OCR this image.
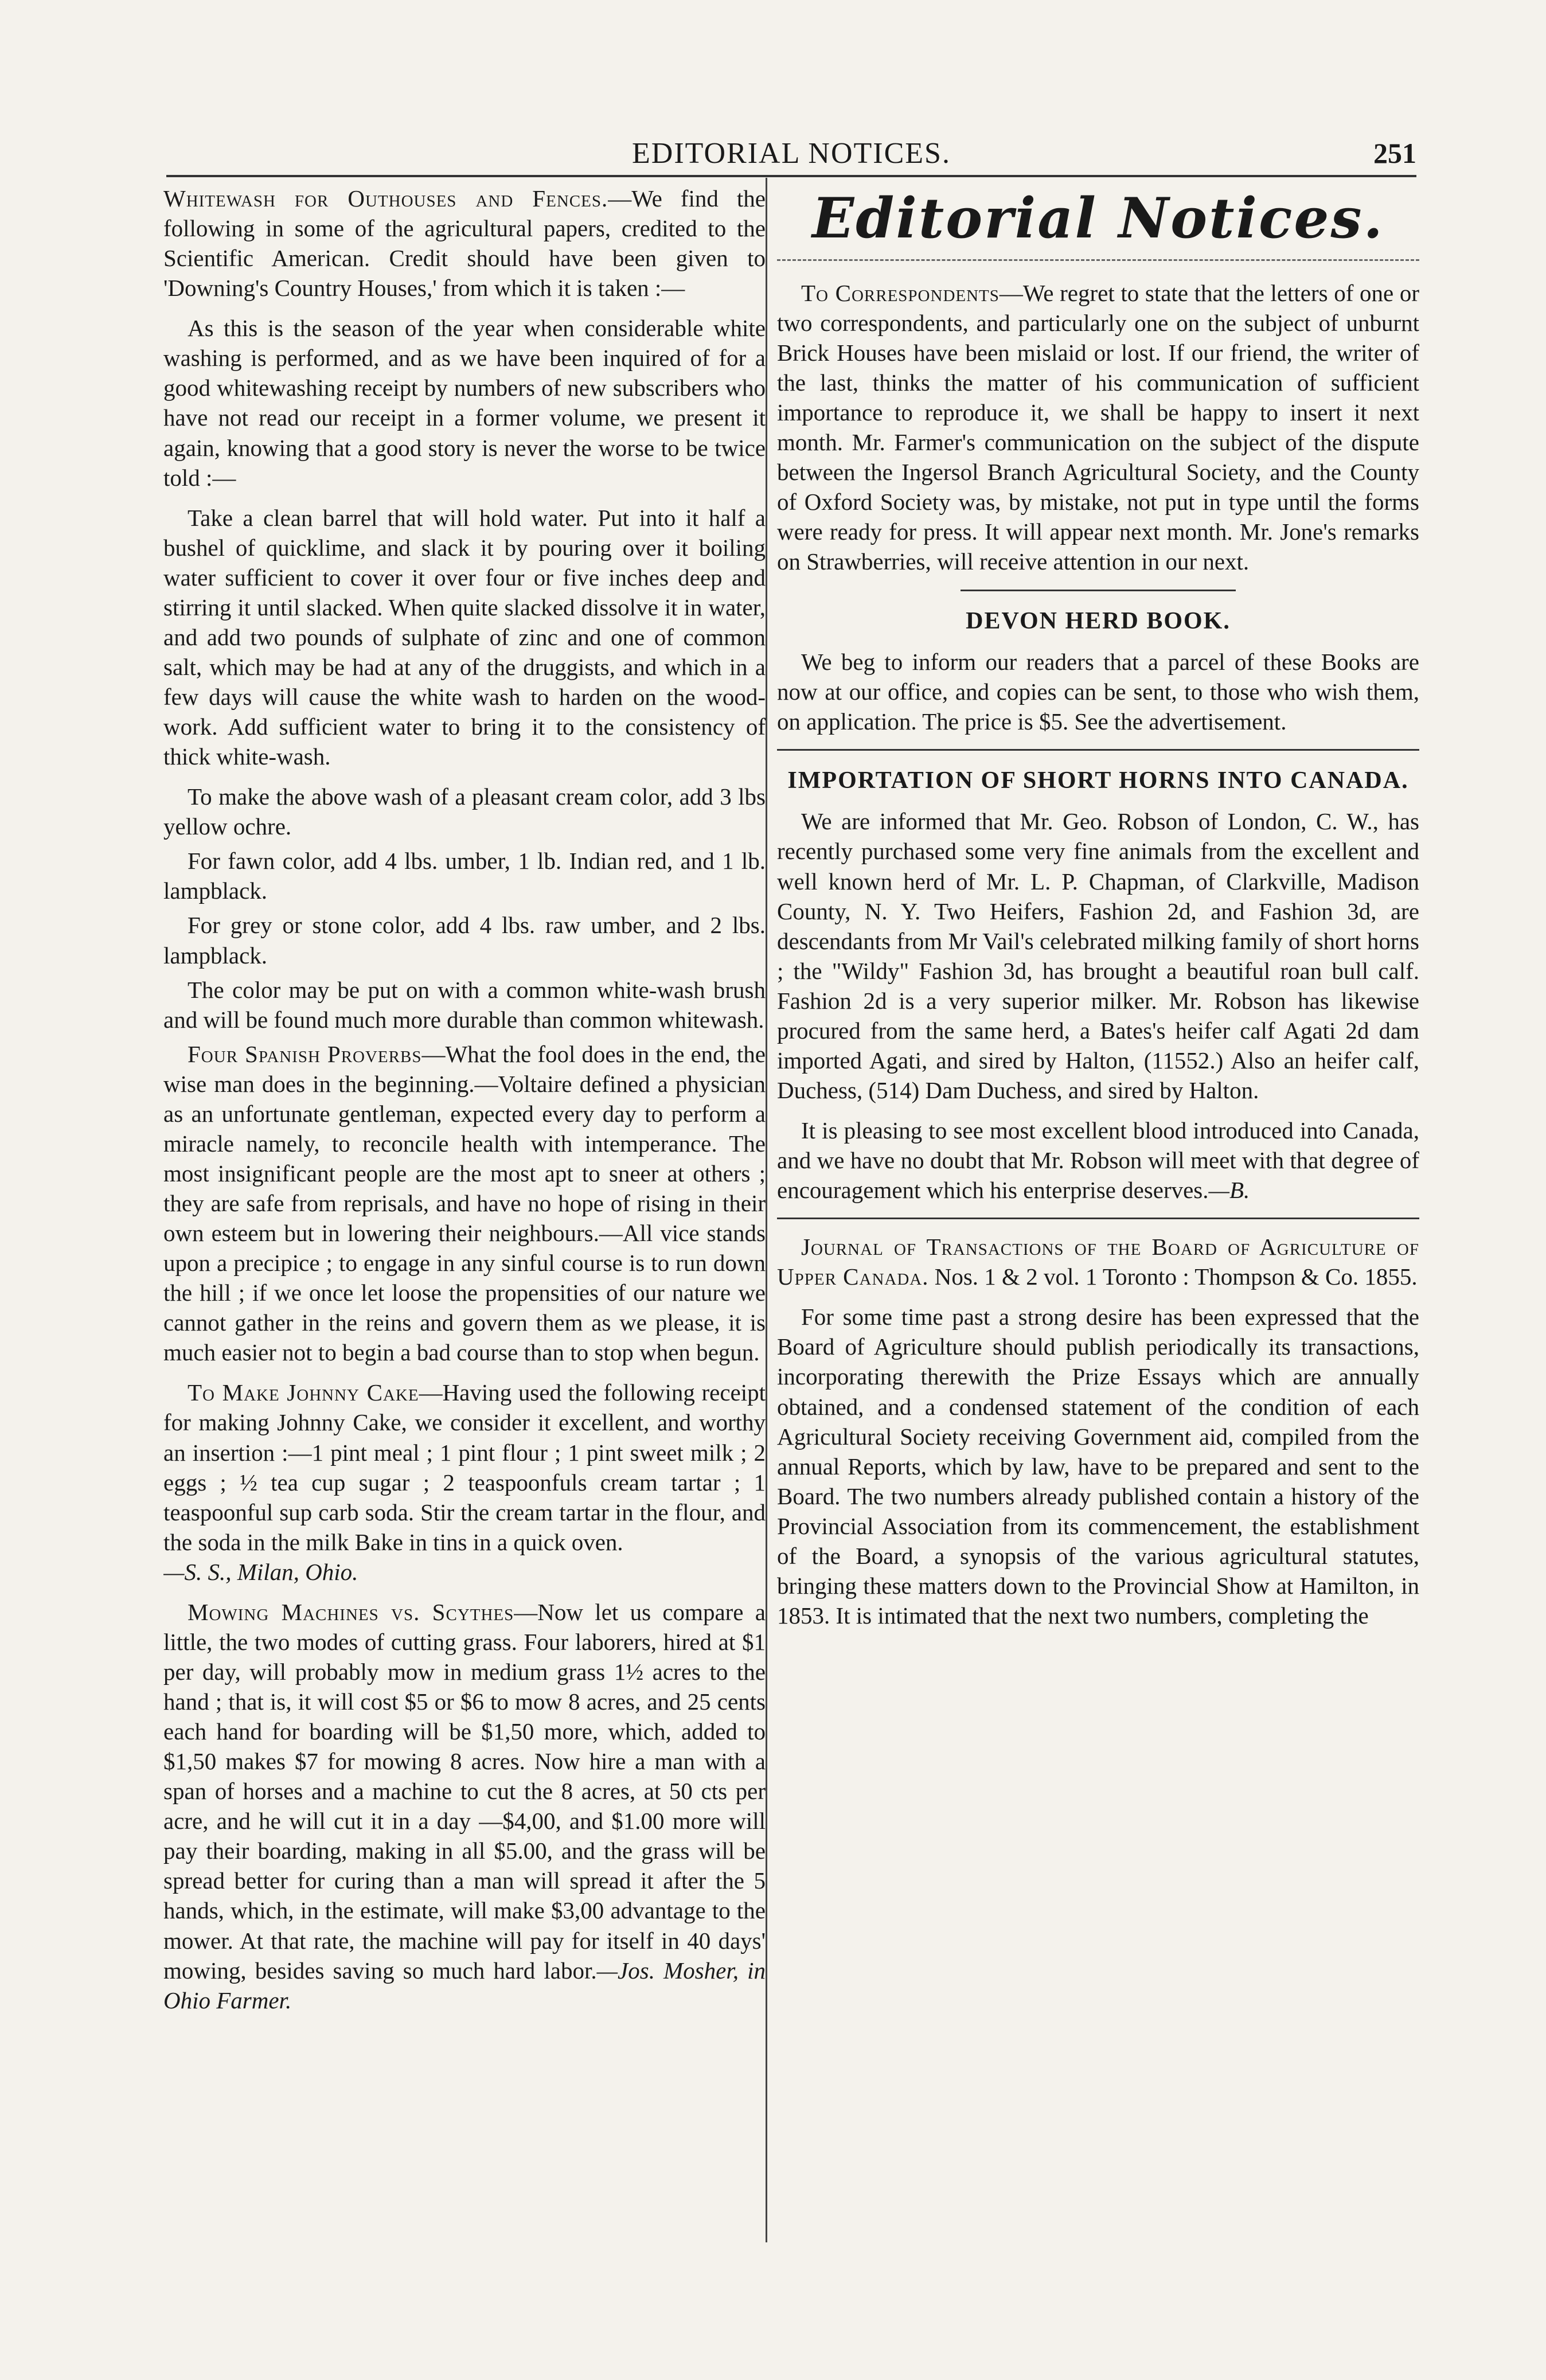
EDITORIAL NOTICES.	251

Whitewash for Outhouses and Fences.—We find the following in some of the agricultural papers, credited to the Scientific American. Credit should have been given to 'Downing's Country Houses,' from which it is taken :—

As this is the season of the year when considerable white washing is performed, and as we have been inquired of for a good whitewashing receipt by numbers of new subscribers who have not read our receipt in a former volume, we present it again, knowing that a good story is never the worse to be twice told :—

Take a clean barrel that will hold water. Put into it half a bushel of quicklime, and slack it by pouring over it boiling water sufficient to cover it over four or five inches deep and stirring it until slacked. When quite slacked dissolve it in water, and add two pounds of sulphate of zinc and one of common salt, which may be had at any of the druggists, and which in a few days will cause the white wash to harden on the wood-work. Add sufficient water to bring it to the consistency of thick white-wash.

To make the above wash of a pleasant cream color, add 3 lbs yellow ochre.

For fawn color, add 4 lbs. umber, 1 lb. Indian red, and 1 lb. lampblack.

For grey or stone color, add 4 lbs. raw umber, and 2 lbs. lampblack.

The color may be put on with a common white-wash brush and will be found much more durable than common whitewash.

Four Spanish Proverbs—What the fool does in the end, the wise man does in the beginning.—Voltaire defined a physician as an unfortunate gentleman, expected every day to perform a miracle namely, to reconcile health with intemperance. The most insignificant people are the most apt to sneer at others ; they are safe from reprisals, and have no hope of rising in their own esteem but in lowering their neighbours.—All vice stands upon a precipice ; to engage in any sinful course is to run down the hill ; if we once let loose the propensities of our nature we cannot gather in the reins and govern them as we please, it is much easier not to begin a bad course than to stop when begun.

To Make Johnny Cake—Having used the following receipt for making Johnny Cake, we consider it excellent, and worthy an insertion :—1 pint meal ; 1 pint flour ; 1 pint sweet milk ; 2 eggs ; ½ tea cup sugar ; 2 teaspoonfuls cream tartar ; 1 teaspoonful sup carb soda. Stir the cream tartar in the flour, and the soda in the milk Bake in tins in a quick oven.
—S. S., Milan, Ohio.

Mowing Machines vs. Scythes—Now let us compare a little, the two modes of cutting grass. Four laborers, hired at $1 per day, will probably mow in medium grass 1½ acres to the hand ; that is, it will cost $5 or $6 to mow 8 acres, and 25 cents each hand for boarding will be $1,50 more, which, added to $1,50 makes $7 for mowing 8 acres. Now hire a man with a span of horses and a machine to cut the 8 acres, at 50 cts per acre, and he will cut it in a day —$4,00, and $1.00 more will pay their boarding, making in all $5.00, and the grass will be spread better for curing than a man will spread it after the 5 hands, which, in the estimate, will make $3,00 advantage to the mower. At that rate, the machine will pay for itself in 40 days' mowing, besides saving so much hard labor.—Jos. Mosher, in Ohio Farmer.

Editorial Notices.

To Correspondents—We regret to state that the letters of one or two correspondents, and particularly one on the subject of unburnt Brick Houses have been mislaid or lost. If our friend, the writer of the last, thinks the matter of his communication of sufficient importance to reproduce it, we shall be happy to insert it next month. Mr. Farmer's communication on the subject of the dispute between the Ingersol Branch Agricultural Society, and the County of Oxford Society was, by mistake, not put in type until the forms were ready for press. It will appear next month. Mr. Jone's remarks on Strawberries, will receive attention in our next.

DEVON HERD BOOK.

We beg to inform our readers that a parcel of these Books are now at our office, and copies can be sent, to those who wish them, on application. The price is $5. See the advertisement.

IMPORTATION OF SHORT HORNS INTO CANADA.

We are informed that Mr. Geo. Robson of London, C. W., has recently purchased some very fine animals from the excellent and well known herd of Mr. L. P. Chapman, of Clarkville, Madison County, N. Y. Two Heifers, Fashion 2d, and Fashion 3d, are descendants from Mr Vail's celebrated milking family of short horns ; the "Wildy" Fashion 3d, has brought a beautiful roan bull calf. Fashion 2d is a very superior milker. Mr. Robson has likewise procured from the same herd, a Bates's heifer calf Agati 2d dam imported Agati, and sired by Halton, (11552.) Also an heifer calf, Duchess, (514) Dam Duchess, and sired by Halton.

It is pleasing to see most excellent blood introduced into Canada, and we have no doubt that Mr. Robson will meet with that degree of encouragement which his enterprise deserves.—B.

Journal of Transactions of the Board of Agriculture of Upper Canada. Nos. 1 & 2 vol. 1 Toronto : Thompson & Co. 1855.

For some time past a strong desire has been expressed that the Board of Agriculture should publish periodically its transactions, incorporating therewith the Prize Essays which are annually obtained, and a condensed statement of the condition of each Agricultural Society receiving Government aid, compiled from the annual Reports, which by law, have to be prepared and sent to the Board. The two numbers already published contain a history of the Provincial Association from its commencement, the establishment of the Board, a synopsis of the various agricultural statutes, bringing these matters down to the Provincial Show at Hamilton, in 1853. It is intimated that the next two numbers, completing the
